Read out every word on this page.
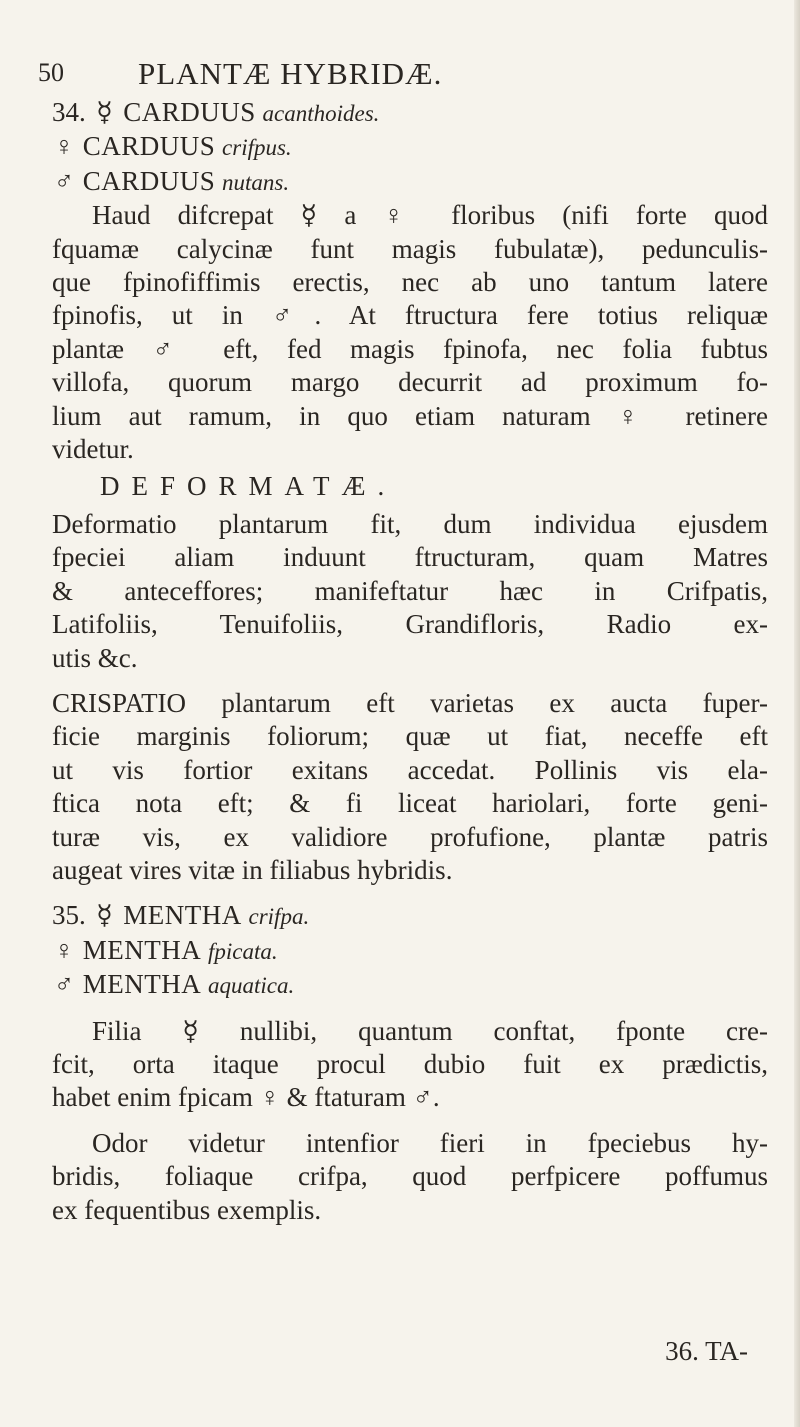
50 PLANTÆ HYBRIDÆ.
34. ☿ CARDUUS acanthoides.
♀ CARDUUS crifpus.
♂ CARDUUS nutans.
Haud difcrepat ☿ a ♀ floribus (nifi forte quod
fquamæ calycinæ funt magis fubulatæ), pedunculis-
que fpinofiffimis erectis, nec ab uno tantum latere
fpinofis, ut in ♂. At ftructura fere totius reliquæ
plantæ ♂ eft, fed magis fpinofa, nec folia fubtus
villofa, quorum margo decurrit ad proximum fo-
lium aut ramum, in quo etiam naturam ♀ retinere
videtur.
DEFORMATÆ.
Deformatio plantarum fit, dum individua ejusdem
fpeciei aliam induunt ftructuram, quam Matres
& anteceffores; manifeftatur hæc in Crifpatis,
Latifoliis, Tenuifoliis, Grandifloris, Radio ex-
utis &c.
CRISPATIO plantarum eft varietas ex aucta fuper-
ficie marginis foliorum; quæ ut fiat, neceffe eft
ut vis fortior exitans accedat. Pollinis vis ela-
ftica nota eft; & fi liceat hariolari, forte geni-
turæ vis, ex validiore profufione, plantæ patris
augeat vires vitæ in filiabus hybridis.
35. ☿ MENTHA crifpa.
♀ MENTHA fpicata.
♂ MENTHA aquatica.
Filia ☿ nullibi, quantum conftat, fponte cre-
fcit, orta itaque procul dubio fuit ex prædictis,
habet enim fpicam ♀ & ftaturam ♂.
Odor videtur intenfior fieri in fpeciebus hy-
bridis, foliaque crifpa, quod perfpicere poffumus
ex fequentibus exemplis.
36. TA-
